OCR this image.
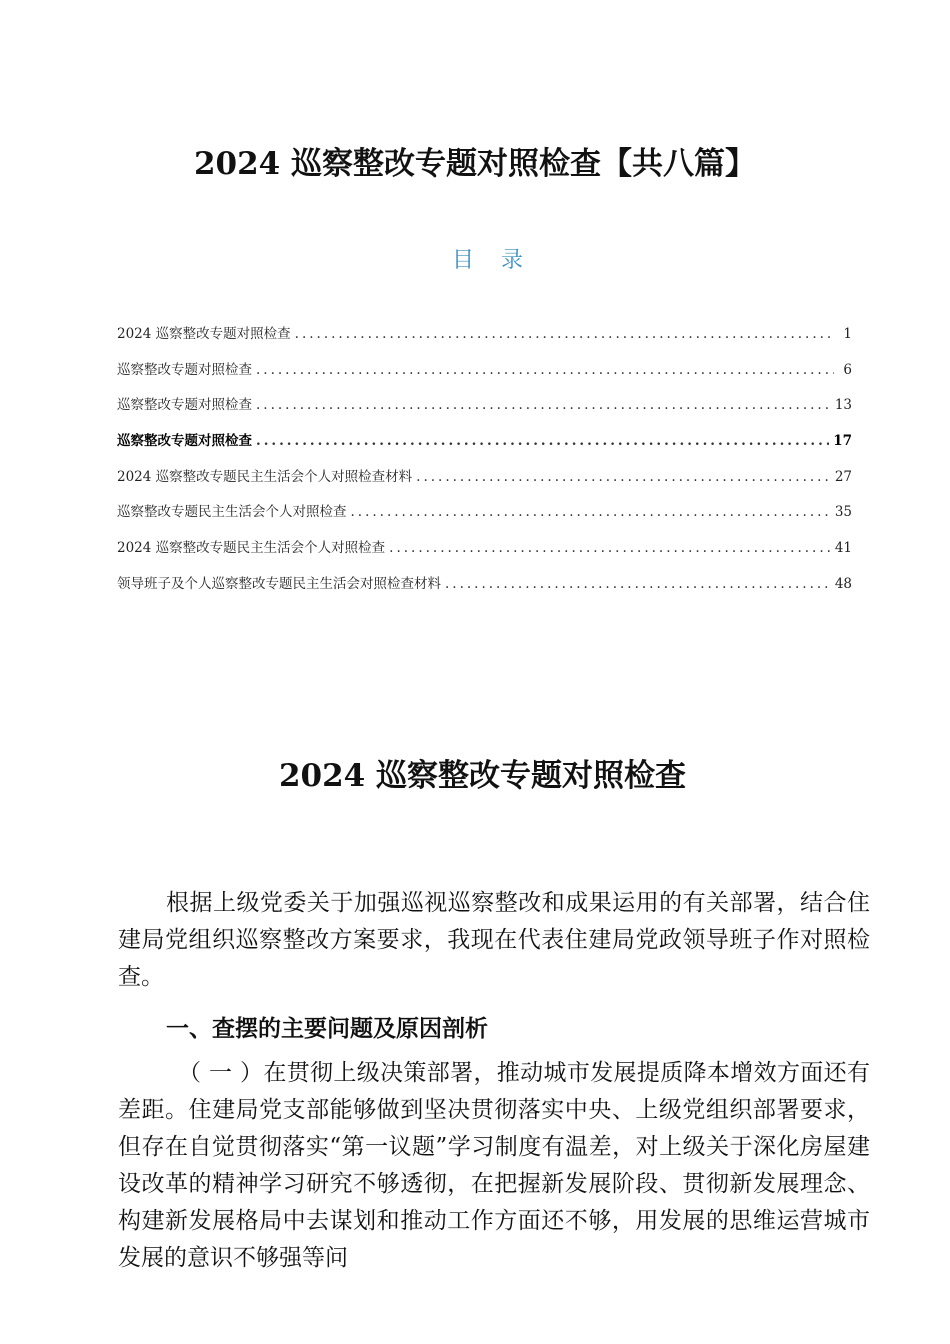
2024 巡察整改专题对照检查【共八篇】
目 录
2024 巡察整改专题对照检查 .....	1
巡察整改专题对照检查 .....	6
巡察整改专题对照检查 .....	13
巡察整改专题对照检查 .....	17
2024 巡察整改专题民主生活会个人对照检查材料 .....	27
巡察整改专题民主生活会个人对照检查 .....	35
2024 巡察整改专题民主生活会个人对照检查 .....	41
领导班子及个人巡察整改专题民主生活会对照检查材料 .....	48
2024 巡察整改专题对照检查
根据上级党委关于加强巡视巡察整改和成果运用的有关部署，结合住建局党组织巡察整改方案要求，我现在代表住建局党政领导班子作对照检查。
一、查摆的主要问题及原因剖析
（ 一 ）在贯彻上级决策部署，推动城市发展提质降本增效方面还有差距。住建局党支部能够做到坚决贯彻落实中央、上级党组织部署要求，但存在自觉贯彻落实“第一议题”学习制度有温差，对上级关于深化房屋建设改革的精神学习研究不够透彻，在把握新发展阶段、贯彻新发展理念、构建新发展格局中去谋划和推动工作方面还不够，用发展的思维运营城市发展的意识不够强等问
